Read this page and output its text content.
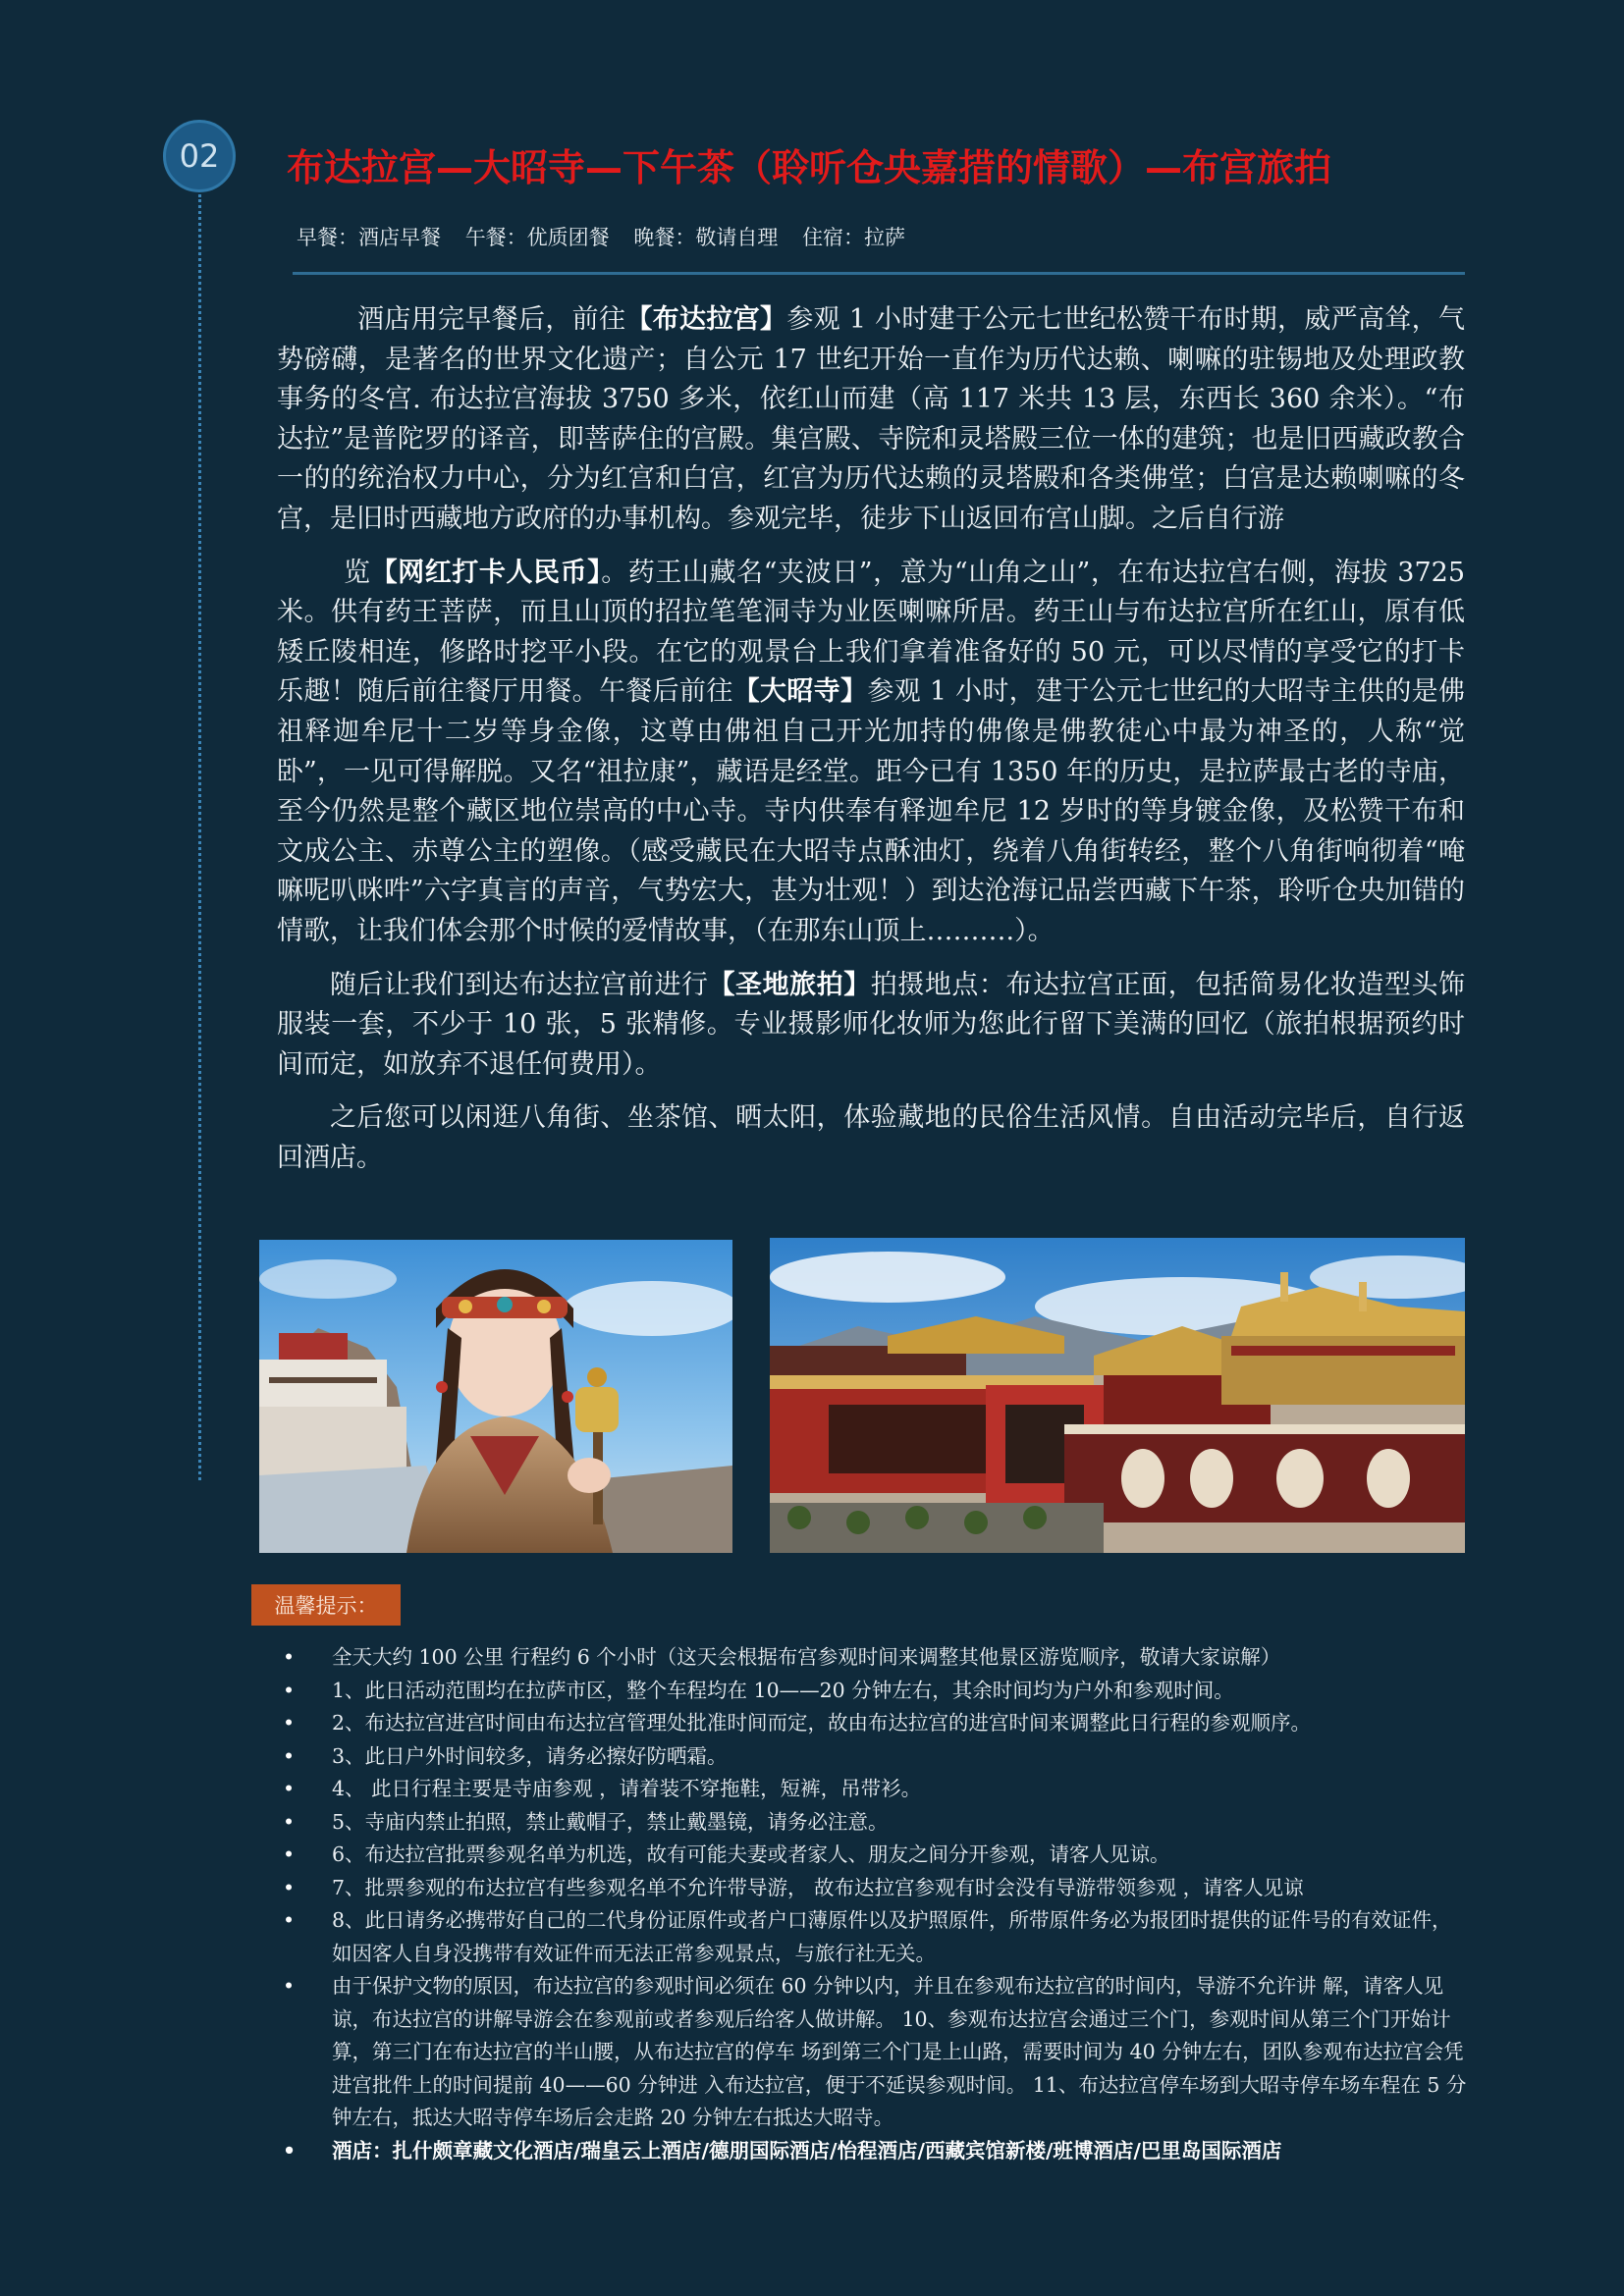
02 布达拉宫—大昭寺—下午茶（聆听仓央嘉措的情歌）—布宫旅拍
早餐：酒店早餐 午餐：优质团餐 晚餐：敬请自理 住宿：拉萨

酒店用完早餐后，前往【布达拉宫】参观 1 小时建于公元七世纪松赞干布时期，威严高耸，气势磅礴，是著名的世界文化遗产；自公元 17 世纪开始一直作为历代达赖、喇嘛的驻锡地及处理政教事务的冬宫. 布达拉宫海拔 3750 多米，依红山而建（高 117 米共 13 层，东西长 360 余米）。“布达拉”是普陀罗的译音，即菩萨住的宫殿。集宫殿、寺院和灵塔殿三位一体的建筑；也是旧西藏政教合一的的统治权力中心，分为红宫和白宫，红宫为历代达赖的灵塔殿和各类佛堂；白宫是达赖喇嘛的冬宫，是旧时西藏地方政府的办事机构。参观完毕，徒步下山返回布宫山脚。之后自行游

览【网红打卡人民币】。药王山藏名“夹波日”，意为“山角之山”，在布达拉宫右侧，海拔 3725 米。供有药王菩萨，而且山顶的招拉笔笔洞寺为业医喇嘛所居。药王山与布达拉宫所在红山，原有低矮丘陵相连，修路时挖平小段。在它的观景台上我们拿着准备好的 50 元，可以尽情的享受它的打卡乐趣！随后前往餐厅用餐。午餐后前往【大昭寺】参观 1 小时，建于公元七世纪的大昭寺主供的是佛祖释迦牟尼十二岁等身金像，这尊由佛祖自己开光加持的佛像是佛教徒心中最为神圣的，人称“觉卧”，一见可得解脱。又名“祖拉康”，藏语是经堂。距今已有 1350 年的历史，是拉萨最古老的寺庙，至今仍然是整个藏区地位崇高的中心寺。寺内供奉有释迦牟尼 12 岁时的等身镀金像，及松赞干布和文成公主、赤尊公主的塑像。（感受藏民在大昭寺点酥油灯，绕着八角街转经，整个八角街响彻着“唵嘛呢叭咪吽”六字真言的声音，气势宏大，甚为壮观！）到达沧海记品尝西藏下午茶，聆听仓央加错的情歌，让我们体会那个时候的爱情故事，（在那东山顶上……….）。

随后让我们到达布达拉宫前进行【圣地旅拍】拍摄地点：布达拉宫正面，包括简易化妆造型头饰服装一套，不少于 10 张，5 张精修。专业摄影师化妆师为您此行留下美满的回忆（旅拍根据预约时间而定，如放弃不退任何费用）。

之后您可以闲逛八角街、坐茶馆、晒太阳，体验藏地的民俗生活风情。自由活动完毕后，自行返回酒店。

温馨提示：
• 全天大约 100 公里 行程约 6 个小时（这天会根据布宫参观时间来调整其他景区游览顺序，敬请大家谅解）
• 1、此日活动范围均在拉萨市区，整个车程均在 10——20 分钟左右，其余时间均为户外和参观时间。
• 2、布达拉宫进宫时间由布达拉宫管理处批准时间而定，故由布达拉宫的进宫时间来调整此日行程的参观顺序。
• 3、此日户外时间较多，请务必擦好防晒霜。
• 4、 此日行程主要是寺庙参观 ，请着装不穿拖鞋，短裤，吊带衫。
• 5、寺庙内禁止拍照，禁止戴帽子，禁止戴墨镜，请务必注意。
• 6、布达拉宫批票参观名单为机选，故有可能夫妻或者家人、朋友之间分开参观，请客人见谅。
• 7、批票参观的布达拉宫有些参观名单不允许带导游， 故布达拉宫参观有时会没有导游带领参观 ，请客人见谅
• 8、此日请务必携带好自己的二代身份证原件或者户口薄原件以及护照原件，所带原件务必为报团时提供的证件号的有效证件，如因客人自身没携带有效证件而无法正常参观景点，与旅行社无关。
• 由于保护文物的原因，布达拉宫的参观时间必须在 60 分钟以内，并且在参观布达拉宫的时间内，导游不允许讲 解，请客人见谅，布达拉宫的讲解导游会在参观前或者参观后给客人做讲解。 10、参观布达拉宫会通过三个门，参观时间从第三个门开始计算，第三门在布达拉宫的半山腰，从布达拉宫的停车 场到第三个门是上山路，需要时间为 40 分钟左右，团队参观布达拉宫会凭进宫批件上的时间提前 40——60 分钟进 入布达拉宫，便于不延误参观时间。 11、布达拉宫停车场到大昭寺停车场车程在 5 分钟左右，抵达大昭寺停车场后会走路 20 分钟左右抵达大昭寺。
• 酒店：扎什颇章藏文化酒店/瑞皇云上酒店/德朋国际酒店/怡程酒店/西藏宾馆新楼/班博酒店/巴里岛国际酒店
